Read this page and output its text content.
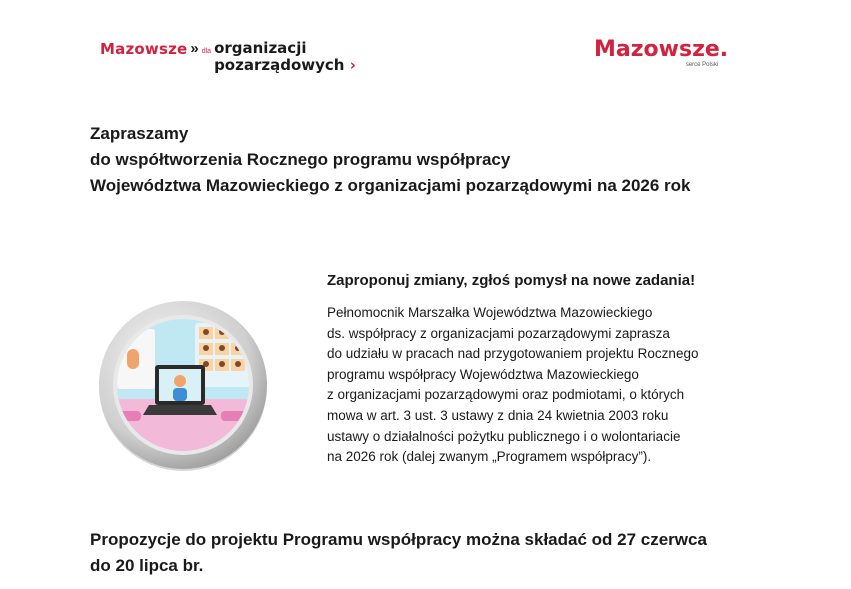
Mazowsze » dla organizacji
pozarządowych ›
Mazowsze.
serce Polski
Zapraszamy
do współtworzenia Rocznego programu współpracy
Województwa Mazowieckiego z organizacjami pozarządowymi na 2026 rok
Zaproponuj zmiany, zgłoś pomysł na nowe zadania!
Pełnomocnik Marszałka Województwa Mazowieckiego
ds. współpracy z organizacjami pozarządowymi zaprasza
do udziału w pracach nad przygotowaniem projektu Rocznego
programu współpracy Województwa Mazowieckiego
z organizacjami pozarządowymi oraz podmiotami, o których
mowa w art. 3 ust. 3 ustawy z dnia 24 kwietnia 2003 roku
ustawy o działalności pożytku publicznego i o wolontariacie
na 2026 rok (dalej zwanym „Programem współpracy”).
Propozycje do projektu Programu współpracy można składać od 27 czerwca
do 20 lipca br.
